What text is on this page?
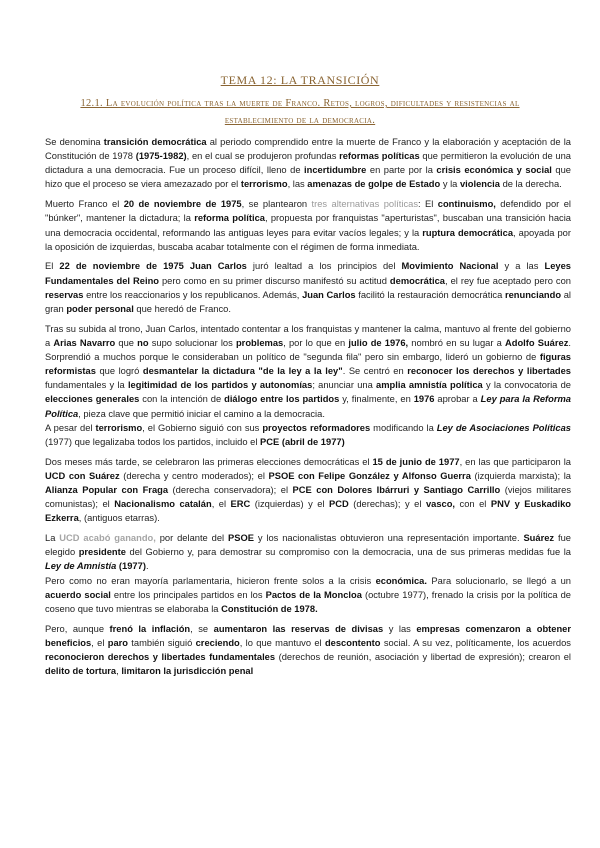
TEMA 12: LA TRANSICIÓN
12.1. La evolución política tras la muerte de Franco. Retos, logros, dificultades y resistencias al establecimiento de la democracia.

Se denomina transición democrática al periodo comprendido entre la muerte de Franco y la elaboración y aceptación de la Constitución de 1978 (1975-1982), en el cual se produjeron profundas reformas políticas que permitieron la evolución de una dictadura a una democracia. Fue un proceso difícil, lleno de incertidumbre en parte por la crisis económica y social que hizo que el proceso se viera amezazado por el terrorismo, las amenazas de golpe de Estado y la violencia de la derecha.

Muerto Franco el 20 de noviembre de 1975, se plantearon tres alternativas políticas: El continuismo, defendido por el "búnker", mantener la dictadura; la reforma política, propuesta por franquistas "aperturistas", buscaban una transición hacia una democracia occidental, reformando las antiguas leyes para evitar vacíos legales; y la ruptura democrática, apoyada por la oposición de izquierdas, buscaba acabar totalmente con el régimen de forma inmediata.

El 22 de noviembre de 1975 Juan Carlos juró lealtad a los principios del Movimiento Nacional y a las Leyes Fundamentales del Reino pero como en su primer discurso manifestó su actitud democrática, el rey fue aceptado pero con reservas entre los reaccionarios y los republicanos. Además, Juan Carlos facilitó la restauración democrática renunciando al gran poder personal que heredó de Franco.

Tras su subida al trono, Juan Carlos, intentado contentar a los franquistas y mantener la calma, mantuvo al frente del gobierno a Arias Navarro que no supo solucionar los problemas, por lo que en julio de 1976, nombró en su lugar a Adolfo Suárez. Sorprendió a muchos porque le consideraban un político de "segunda fila" pero sin embargo, lideró un gobierno de figuras reformistas que logró desmantelar la dictadura "de la ley a la ley". Se centró en reconocer los derechos y libertades fundamentales y la legitimidad de los partidos y autonomías; anunciar una amplia amnistía política y la convocatoria de elecciones generales con la intención de diálogo entre los partidos y, finalmente, en 1976 aprobar a Ley para la Reforma Política, pieza clave que permitió iniciar el camino a la democracia.

A pesar del terrorismo, el Gobierno siguió con sus proyectos reformadores modificando la Ley de Asociaciones Políticas (1977) que legalizaba todos los partidos, incluido el PCE (abril de 1977)

Dos meses más tarde, se celebraron las primeras elecciones democráticas el 15 de junio de 1977, en las que participaron la UCD con Suárez (derecha y centro moderados); el PSOE con Felipe González y Alfonso Guerra (izquierda marxista); la Alianza Popular con Fraga (derecha conservadora); el PCE con Dolores Ibárruri y Santiago Carrillo (viejos militares comunistas); el Nacionalismo catalán, el ERC (izquierdas) y el PCD (derechas); y el vasco, con el PNV y Euskadiko Ezkerra, (antiguos etarras).

La UCD acabó ganando, por delante del PSOE y los nacionalistas obtuvieron una representación importante. Suárez fue elegido presidente del Gobierno y, para demostrar su compromiso con la democracia, una de sus primeras medidas fue la Ley de Amnistía (1977).

Pero como no eran mayoría parlamentaria, hicieron frente solos a la crisis económica. Para solucionarlo, se llegó a un acuerdo social entre los principales partidos en los Pactos de la Moncloa (octubre 1977), frenado la crisis por la política de coseno que tuvo mientras se elaboraba la Constitución de 1978.

Pero, aunque frenó la inflación, se aumentaron las reservas de divisas y las empresas comenzaron a obtener beneficios, el paro también siguió creciendo, lo que mantuvo el descontento social. A su vez, políticamente, los acuerdos reconocieron derechos y libertades fundamentales (derechos de reunión, asociación y libertad de expresión); crearon el delito de tortura, limitaron la jurisdicción penal
